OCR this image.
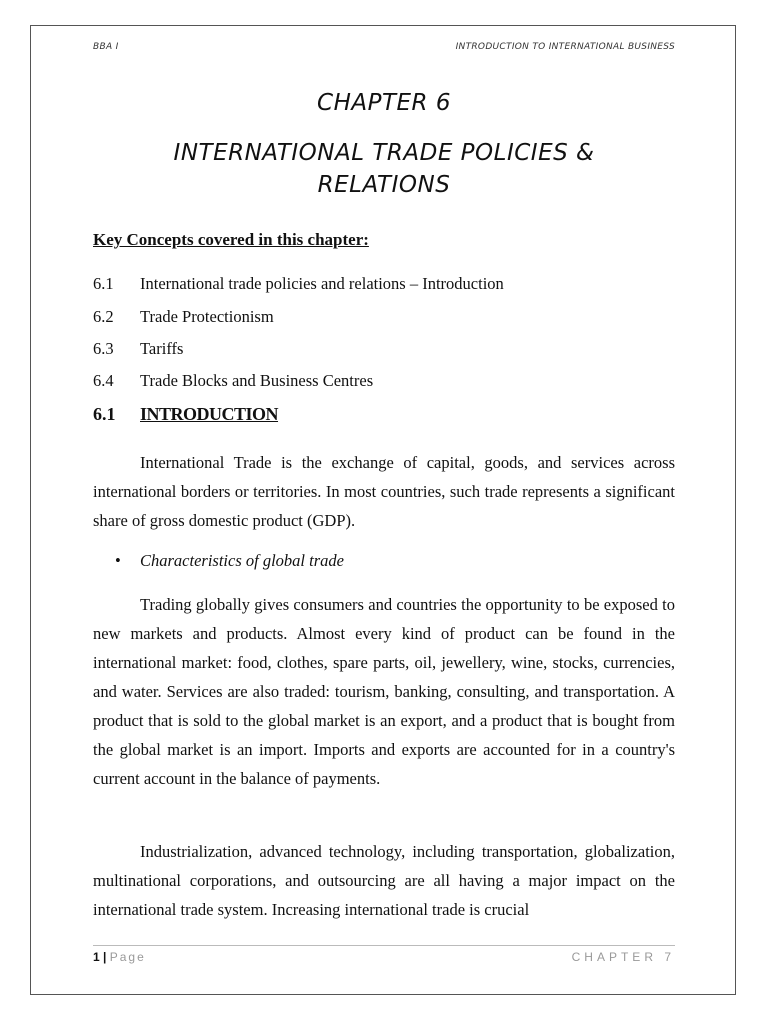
BBA I	INTRODUCTION TO INTERNATIONAL BUSINESS
CHAPTER 6
INTERNATIONAL TRADE POLICIES &
RELATIONS
Key Concepts covered in this chapter:
6.1 International trade policies and relations – Introduction
6.2 Trade Protectionism
6.3 Tariffs
6.4 Trade Blocks and Business Centres
6.1 INTRODUCTION

International Trade is the exchange of capital, goods, and services across international borders or territories. In most countries, such trade represents a significant share of gross domestic product (GDP).

• Characteristics of global trade

Trading globally gives consumers and countries the opportunity to be exposed to new markets and products. Almost every kind of product can be found in the international market: food, clothes, spare parts, oil, jewellery, wine, stocks, currencies, and water. Services are also traded: tourism, banking, consulting, and transportation. A product that is sold to the global market is an export, and a product that is bought from the global market is an import. Imports and exports are accounted for in a country's current account in the balance of payments.

Industrialization, advanced technology, including transportation, globalization, multinational corporations, and outsourcing are all having a major impact on the international trade system. Increasing international trade is crucial

1 | Page	CHAPTER 7
